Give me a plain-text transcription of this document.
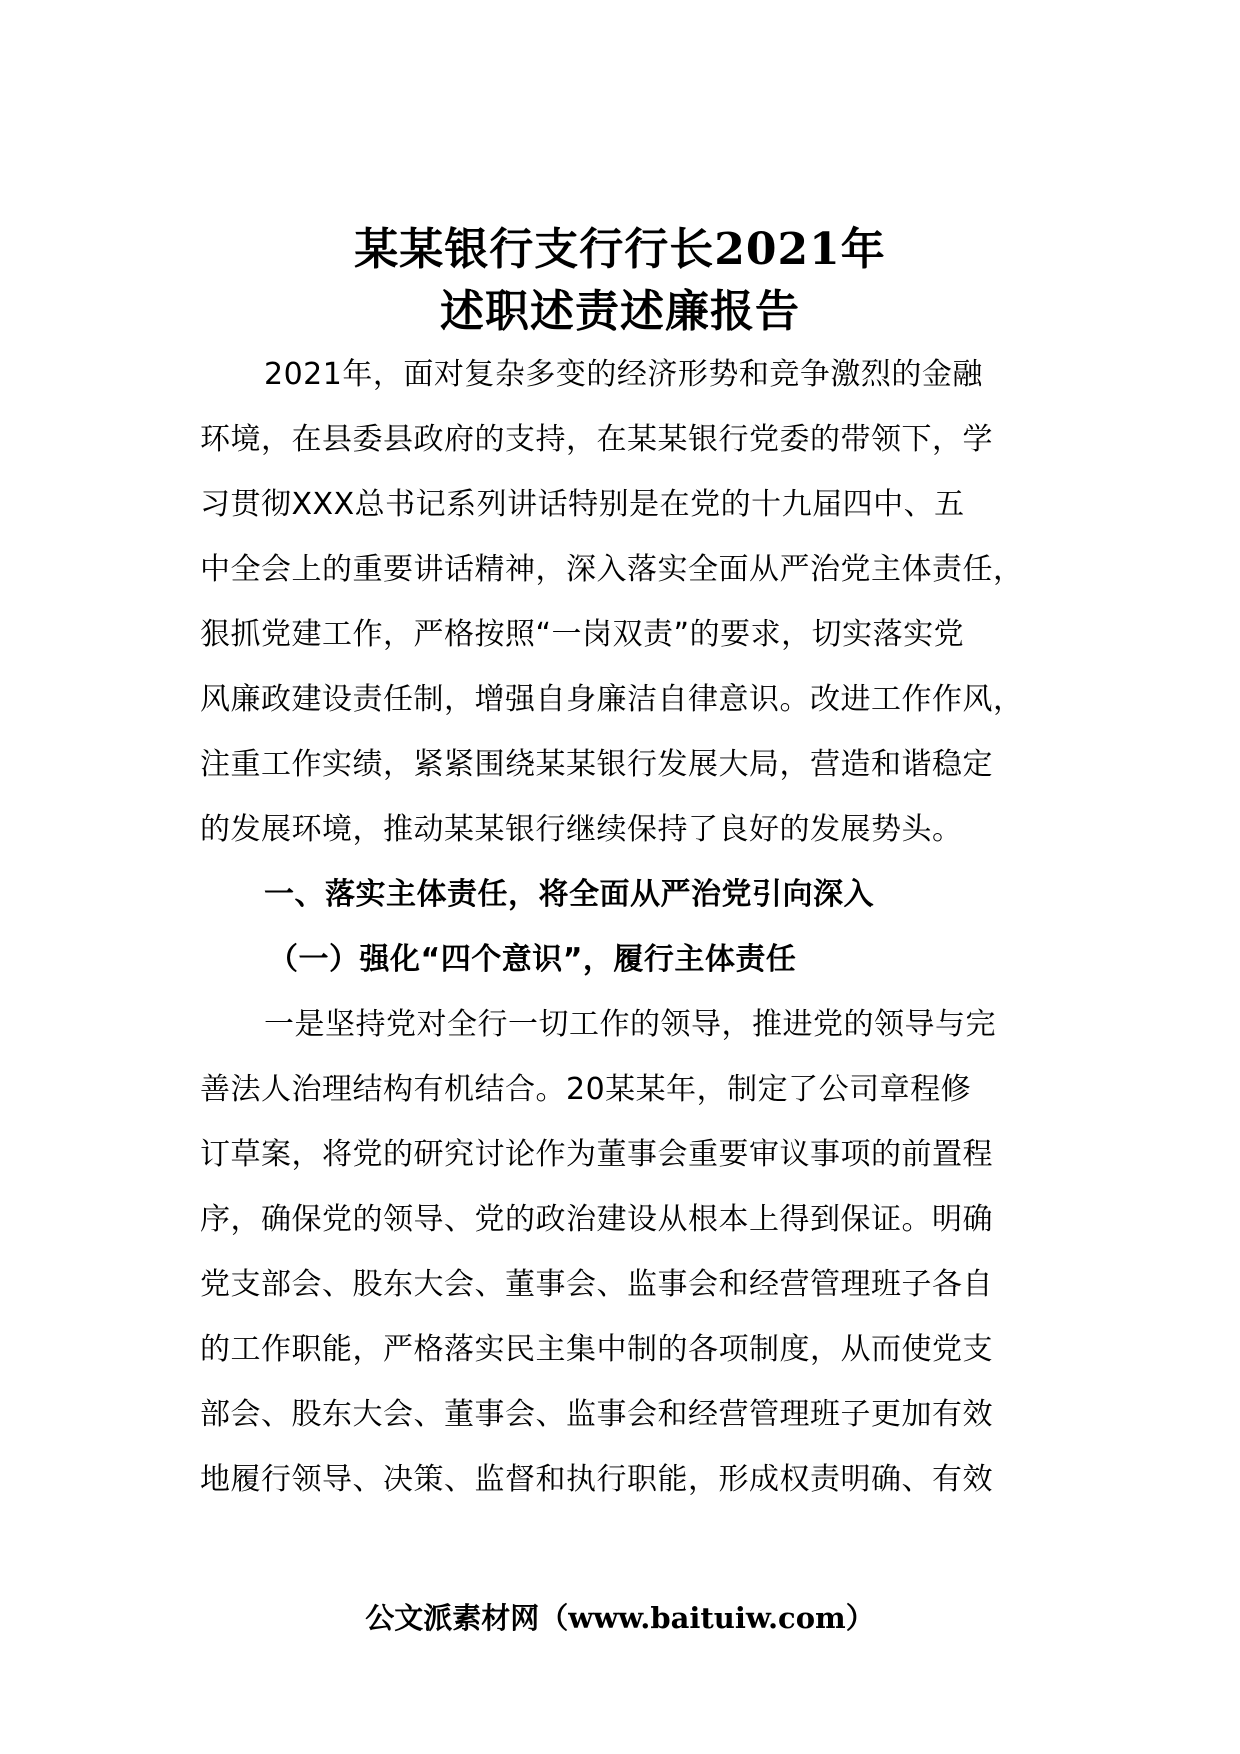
某某银行支行行长2021年
述职述责述廉报告
2021年，面对复杂多变的经济形势和竞争激烈的金融
环境，在县委县政府的支持，在某某银行党委的带领下，学
习贯彻XXX总书记系列讲话特别是在党的十九届四中、五
中全会上的重要讲话精神，深入落实全面从严治党主体责任，
狠抓党建工作，严格按照“一岗双责”的要求，切实落实党
风廉政建设责任制，增强自身廉洁自律意识。改进工作作风，
注重工作实绩，紧紧围绕某某银行发展大局，营造和谐稳定
的发展环境，推动某某银行继续保持了良好的发展势头。
一、落实主体责任，将全面从严治党引向深入
（一）强化“四个意识”，履行主体责任
一是坚持党对全行一切工作的领导，推进党的领导与完
善法人治理结构有机结合。20某某年，制定了公司章程修
订草案，将党的研究讨论作为董事会重要审议事项的前置程
序，确保党的领导、党的政治建设从根本上得到保证。明确
党支部会、股东大会、董事会、监事会和经营管理班子各自
的工作职能，严格落实民主集中制的各项制度，从而使党支
部会、股东大会、董事会、监事会和经营管理班子更加有效
地履行领导、决策、监督和执行职能，形成权责明确、有效
公文派素材网（www.baituiw.com）
